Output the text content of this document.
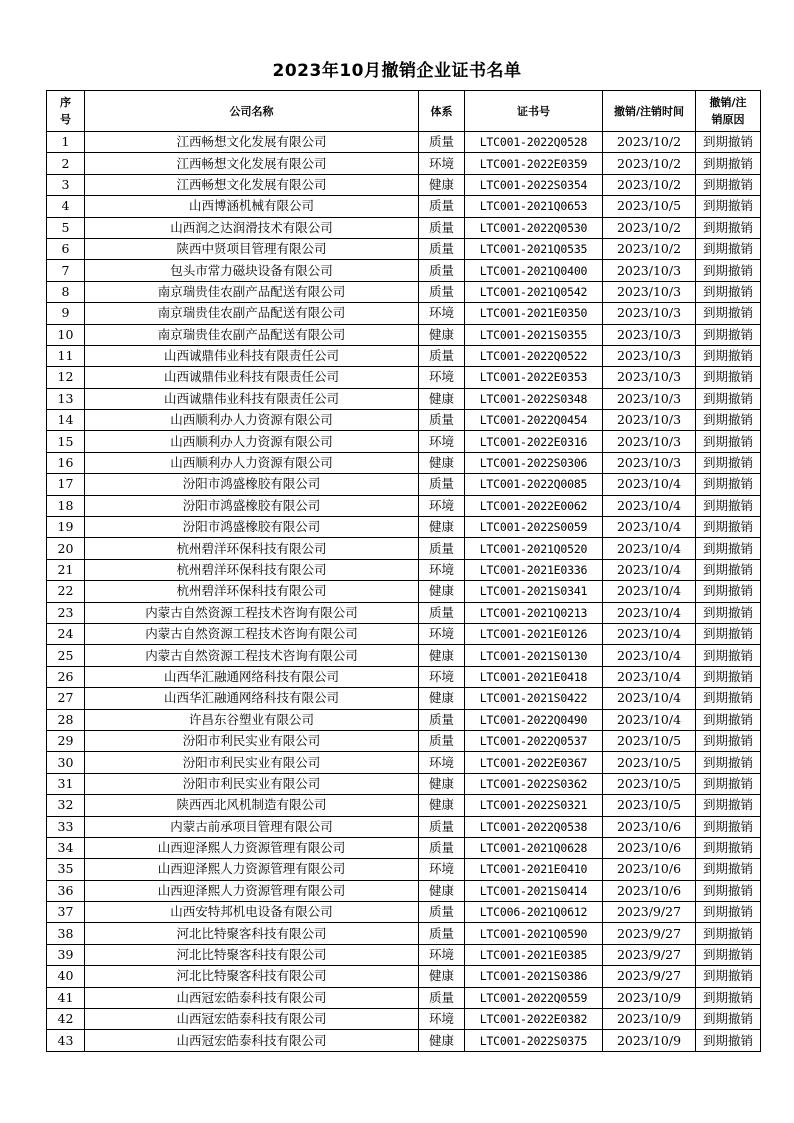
2023年10月撤销企业证书名单
序号	公司名称	体系	证书号	撤销/注销时间	撤销/注销原因
1	江西畅想文化发展有限公司	质量	LTC001-2022Q0528	2023/10/2	到期撤销
2	江西畅想文化发展有限公司	环境	LTC001-2022E0359	2023/10/2	到期撤销
3	江西畅想文化发展有限公司	健康	LTC001-2022S0354	2023/10/2	到期撤销
4	山西博涵机械有限公司	质量	LTC001-2021Q0653	2023/10/5	到期撤销
5	山西润之达润滑技术有限公司	质量	LTC001-2022Q0530	2023/10/2	到期撤销
6	陕西中贤项目管理有限公司	质量	LTC001-2021Q0535	2023/10/2	到期撤销
7	包头市常力磁块设备有限公司	质量	LTC001-2021Q0400	2023/10/3	到期撤销
8	南京瑞贵佳农副产品配送有限公司	质量	LTC001-2021Q0542	2023/10/3	到期撤销
9	南京瑞贵佳农副产品配送有限公司	环境	LTC001-2021E0350	2023/10/3	到期撤销
10	南京瑞贵佳农副产品配送有限公司	健康	LTC001-2021S0355	2023/10/3	到期撤销
11	山西诚鼎伟业科技有限责任公司	质量	LTC001-2022Q0522	2023/10/3	到期撤销
12	山西诚鼎伟业科技有限责任公司	环境	LTC001-2022E0353	2023/10/3	到期撤销
13	山西诚鼎伟业科技有限责任公司	健康	LTC001-2022S0348	2023/10/3	到期撤销
14	山西顺利办人力资源有限公司	质量	LTC001-2022Q0454	2023/10/3	到期撤销
15	山西顺利办人力资源有限公司	环境	LTC001-2022E0316	2023/10/3	到期撤销
16	山西顺利办人力资源有限公司	健康	LTC001-2022S0306	2023/10/3	到期撤销
17	汾阳市鸿盛橡胶有限公司	质量	LTC001-2022Q0085	2023/10/4	到期撤销
18	汾阳市鸿盛橡胶有限公司	环境	LTC001-2022E0062	2023/10/4	到期撤销
19	汾阳市鸿盛橡胶有限公司	健康	LTC001-2022S0059	2023/10/4	到期撤销
20	杭州碧洋环保科技有限公司	质量	LTC001-2021Q0520	2023/10/4	到期撤销
21	杭州碧洋环保科技有限公司	环境	LTC001-2021E0336	2023/10/4	到期撤销
22	杭州碧洋环保科技有限公司	健康	LTC001-2021S0341	2023/10/4	到期撤销
23	内蒙古自然资源工程技术咨询有限公司	质量	LTC001-2021Q0213	2023/10/4	到期撤销
24	内蒙古自然资源工程技术咨询有限公司	环境	LTC001-2021E0126	2023/10/4	到期撤销
25	内蒙古自然资源工程技术咨询有限公司	健康	LTC001-2021S0130	2023/10/4	到期撤销
26	山西华汇融通网络科技有限公司	环境	LTC001-2021E0418	2023/10/4	到期撤销
27	山西华汇融通网络科技有限公司	健康	LTC001-2021S0422	2023/10/4	到期撤销
28	许昌东谷塑业有限公司	质量	LTC001-2022Q0490	2023/10/4	到期撤销
29	汾阳市利民实业有限公司	质量	LTC001-2022Q0537	2023/10/5	到期撤销
30	汾阳市利民实业有限公司	环境	LTC001-2022E0367	2023/10/5	到期撤销
31	汾阳市利民实业有限公司	健康	LTC001-2022S0362	2023/10/5	到期撤销
32	陕西西北风机制造有限公司	健康	LTC001-2022S0321	2023/10/5	到期撤销
33	内蒙古前承项目管理有限公司	质量	LTC001-2022Q0538	2023/10/6	到期撤销
34	山西迎泽熙人力资源管理有限公司	质量	LTC001-2021Q0628	2023/10/6	到期撤销
35	山西迎泽熙人力资源管理有限公司	环境	LTC001-2021E0410	2023/10/6	到期撤销
36	山西迎泽熙人力资源管理有限公司	健康	LTC001-2021S0414	2023/10/6	到期撤销
37	山西安特邦机电设备有限公司	质量	LTC006-2021Q0612	2023/9/27	到期撤销
38	河北比特聚客科技有限公司	质量	LTC001-2021Q0590	2023/9/27	到期撤销
39	河北比特聚客科技有限公司	环境	LTC001-2021E0385	2023/9/27	到期撤销
40	河北比特聚客科技有限公司	健康	LTC001-2021S0386	2023/9/27	到期撤销
41	山西冠宏皓泰科技有限公司	质量	LTC001-2022Q0559	2023/10/9	到期撤销
42	山西冠宏皓泰科技有限公司	环境	LTC001-2022E0382	2023/10/9	到期撤销
43	山西冠宏皓泰科技有限公司	健康	LTC001-2022S0375	2023/10/9	到期撤销
